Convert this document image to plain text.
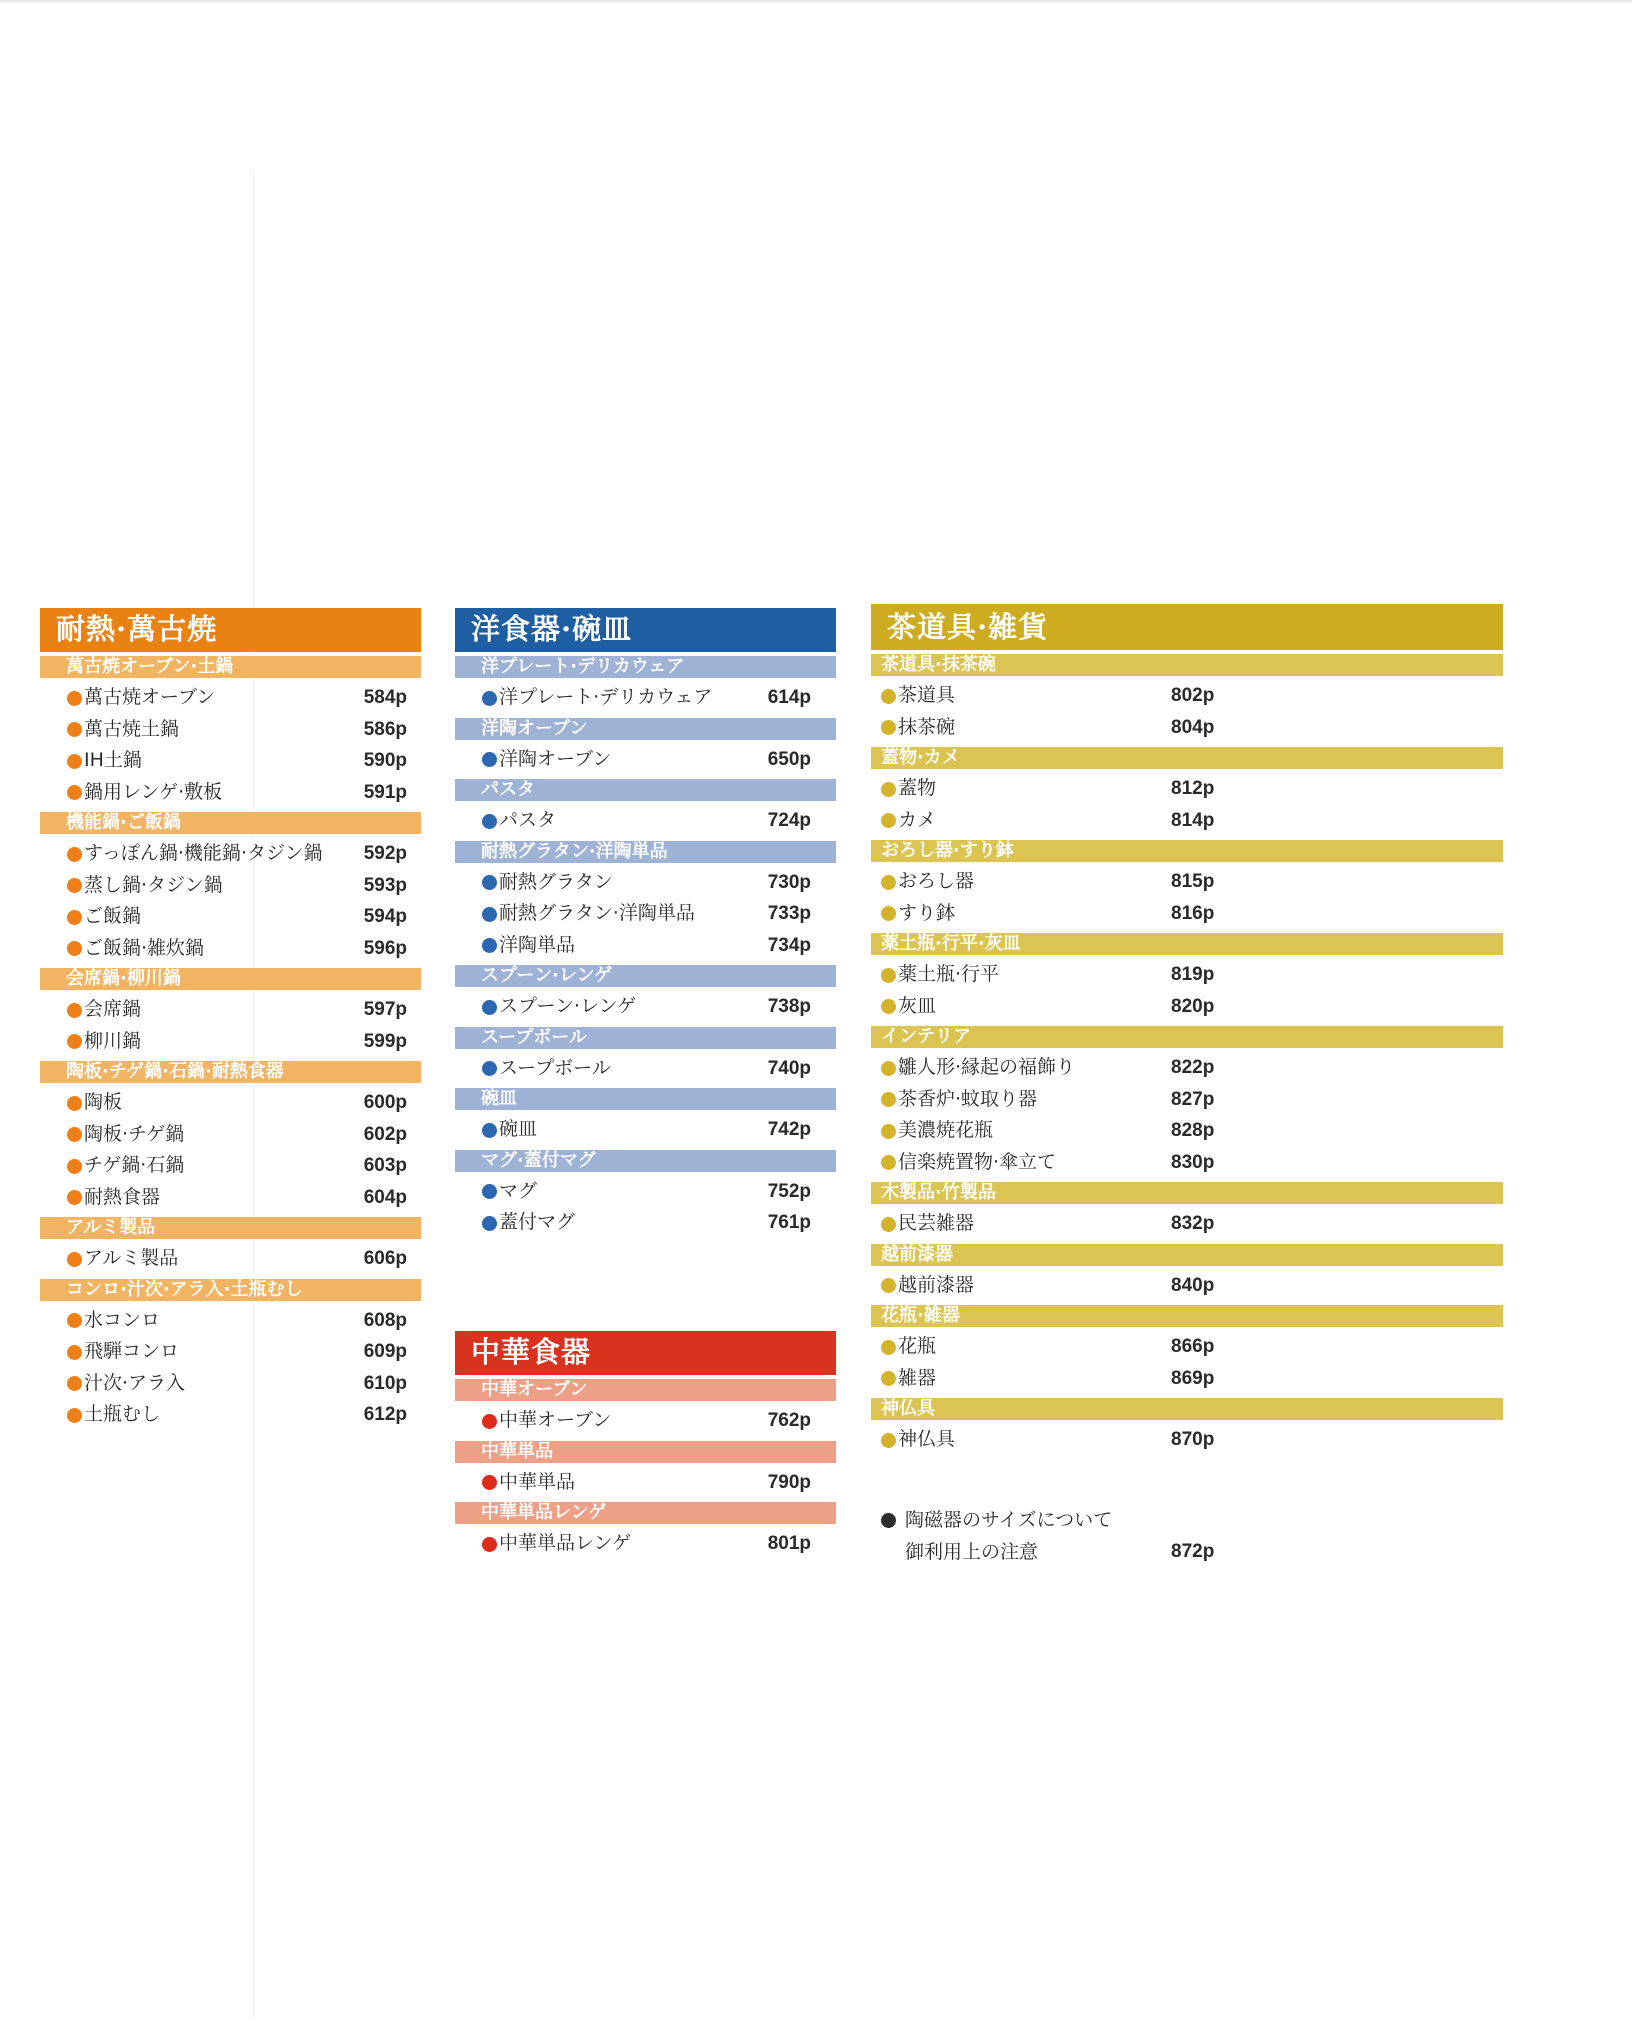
耐熱·萬古焼
萬古焼オーブン·土鍋
萬古焼オーブン	584p
萬古焼土鍋	586p
IH土鍋	590p
鍋用レンゲ·敷板	591p
機能鍋·ご飯鍋
すっぽん鍋·機能鍋·タジン鍋 592p
蒸し鍋·タジン鍋	593p
ご飯鍋	594p
ご飯鍋·雑炊鍋	596p
会席鍋·柳川鍋
会席鍋	597p
柳川鍋	599p
陶板·チゲ鍋·石鍋·耐熱食器
陶板	600p
陶板·チゲ鍋	602p
チゲ鍋·石鍋	603p
耐熱食器	604p
アルミ製品
アルミ製品	606p
コンロ·汁次·アラ入·土瓶むし
水コンロ	608p
飛騨コンロ	609p
汁次·アラ入	610p
土瓶むし	612p
洋食器·碗皿
洋プレート·デリカウェア
洋プレート·デリカウェア	614p
洋陶オーブン
洋陶オーブン	650p
パスタ
パスタ	724p
耐熱グラタン·洋陶単品
耐熱グラタン	730p
耐熱グラタン·洋陶単品	733p
洋陶単品	734p
スプーン·レンゲ
スプーン·レンゲ	738p
スープボール
スープボール	740p
碗皿
碗皿	742p
マグ·蓋付マグ
マグ	752p
蓋付マグ	761p
中華食器
中華オーブン
中華オーブン	762p
中華単品
中華単品	790p
中華単品レンゲ
中華単品レンゲ	801p
茶道具·雑貨
茶道具·抹茶碗
茶道具	802p
抹茶碗	804p
蓋物·カメ
蓋物	812p
カメ	814p
おろし器·すり鉢
おろし器	815p
すり鉢	816p
薬土瓶·行平·灰皿
薬土瓶·行平	819p
灰皿	820p
インテリア
雛人形·縁起の福飾り	822p
茶香炉·蚊取り器	827p
美濃焼花瓶	828p
信楽焼置物·傘立て	830p
木製品·竹製品
民芸雑器	832p
越前漆器
越前漆器	840p
花瓶·雑器
花瓶	866p
雑器	869p
神仏具
神仏具	870p
陶磁器のサイズについて
御利用上の注意	872p
